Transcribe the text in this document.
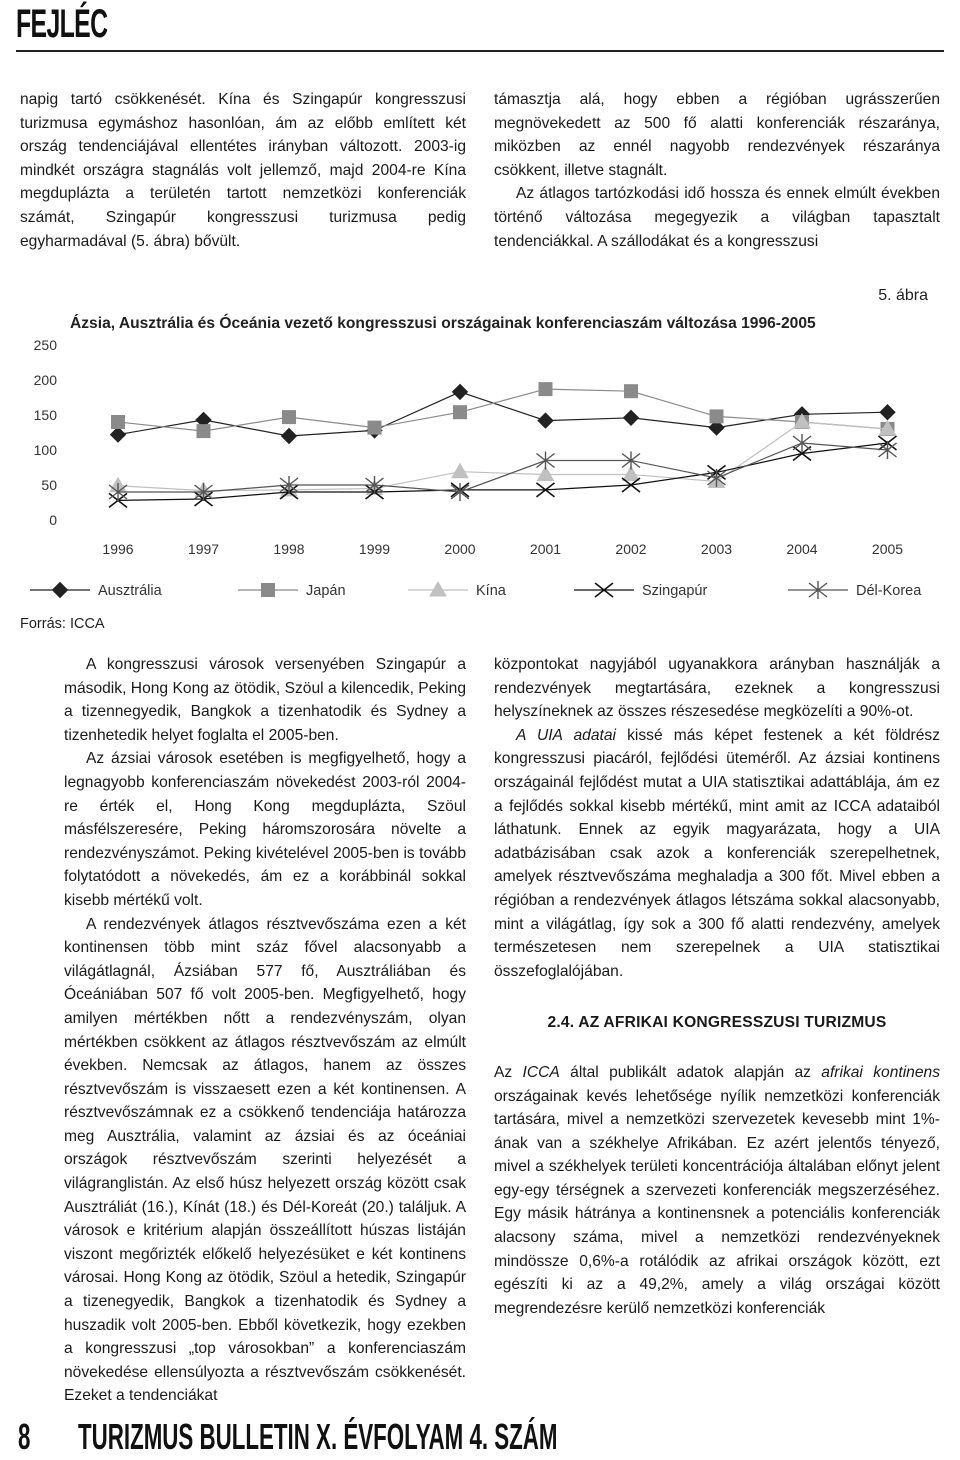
FEJLÉC

napig tartó csökkenését. Kína és Szingapúr kongresszusi turizmusa egymáshoz hasonlóan, ám az előbb említett két ország tendenciájával ellentétes irányban változott. 2003-ig mindkét országra stagnálás volt jellemző, majd 2004-re Kína megduplázta a területén tartott nemzetközi konferenciák számát, Szingapúr kongresszusi turizmusa pedig egyharmadával (5. ábra) bővült.

támasztja alá, hogy ebben a régióban ugrásszerűen megnövekedett az 500 fő alatti konferenciák részaránya, miközben az ennél nagyobb rendezvények részaránya csökkent, illetve stagnált.

Az átlagos tartózkodási idő hossza és ennek elmúlt években történő változása megegyezik a világban tapasztalt tendenciákkal. A szállodákat és a kongresszusi

5. ábra
Ázsia, Ausztrália és Óceánia vezető kongresszusi országainak konferenciaszám változása 1996-2005
250
200
150
100
50
0
1996	1997	1998	1999	2000	2001	2002	2003	2004	2005
Ausztrália	Japán	Kína	Szingapúr	Dél-Korea
Forrás: ICCA

A kongresszusi városok versenyében Szingapúr a második, Hong Kong az ötödik, Szöul a kilencedik, Peking a tizennegyedik, Bangkok a tizenhatodik és Sydney a tizenhetedik helyet foglalta el 2005-ben.

Az ázsiai városok esetében is megfigyelhető, hogy a legnagyobb konferenciaszám növekedést 2003-ról 2004-re érték el, Hong Kong megduplázta, Szöul másfélszeresére, Peking háromszorosára növelte a rendezvényszámot. Peking kivételével 2005-ben is tovább folytatódott a növekedés, ám ez a korábbinál sokkal kisebb mértékű volt.

A rendezvények átlagos résztvevőszáma ezen a két kontinensen több mint száz fővel alacsonyabb a világátlagnál, Ázsiában 577 fő, Ausztráliában és Óceániában 507 fő volt 2005-ben. Megfigyelhető, hogy amilyen mértékben nőtt a rendezvényszám, olyan mértékben csökkent az átlagos résztvevőszám az elmúlt években. Nemcsak az átlagos, hanem az összes résztvevőszám is visszaesett ezen a két kontinensen. A résztvevőszámnak ez a csökkenő tendenciája határozza meg Ausztrália, valamint az ázsiai és az óceániai országok résztvevőszám szerinti helyezését a világranglistán. Az első húsz helyezett ország között csak Ausztráliát (16.), Kínát (18.) és Dél-Koreát (20.) találjuk. A városok e kritérium alapján összeállított húszas listáján viszont megőrizték előkelő helyezésüket e két kontinens városai. Hong Kong az ötödik, Szöul a hetedik, Szingapúr a tizenegyedik, Bangkok a tizenhatodik és Sydney a huszadik volt 2005-ben. Ebből következik, hogy ezekben a kongresszusi „top városokban” a konferenciaszám növekedése ellensúlyozta a résztvevőszám csökkenését. Ezeket a tendenciákat

központokat nagyjából ugyanakkora arányban használják a rendezvények megtartására, ezeknek a kongresszusi helyszíneknek az összes részesedése megközelíti a 90%-ot.

A UIA adatai kissé más képet festenek a két földrész kongresszusi piacáról, fejlődési üteméről. Az ázsiai kontinens országainál fejlődést mutat a UIA statisztikai adattáblája, ám ez a fejlődés sokkal kisebb mértékű, mint amit az ICCA adataiból láthatunk. Ennek az egyik magyarázata, hogy a UIA adatbázisában csak azok a konferenciák szerepelhetnek, amelyek résztvevőszáma meghaladja a 300 főt. Mivel ebben a régióban a rendezvények átlagos létszáma sokkal alacsonyabb, mint a világátlag, így sok a 300 fő alatti rendezvény, amelyek természetesen nem szerepelnek a UIA statisztikai összefoglalójában.

2.4. AZ AFRIKAI KONGRESSZUSI TURIZMUS

Az ICCA által publikált adatok alapján az afrikai kontinens országainak kevés lehetősége nyílik nemzetközi konferenciák tartására, mivel a nemzetközi szervezetek kevesebb mint 1%-ának van a székhelye Afrikában. Ez azért jelentős tényező, mivel a székhelyek területi koncentrációja általában előnyt jelent egy-egy térségnek a szervezeti konferenciák megszerzéséhez. Egy másik hátránya a kontinensnek a potenciális konferenciák alacsony száma, mivel a nemzetközi rendezvényeknek mindössze 0,6%-a rotálódik az afrikai országok között, ezt egészíti ki az a 49,2%, amely a világ országai között megrendezésre kerülő nemzetközi konferenciák

8 TURIZMUS BULLETIN X. ÉVFOLYAM 4. SZÁM
